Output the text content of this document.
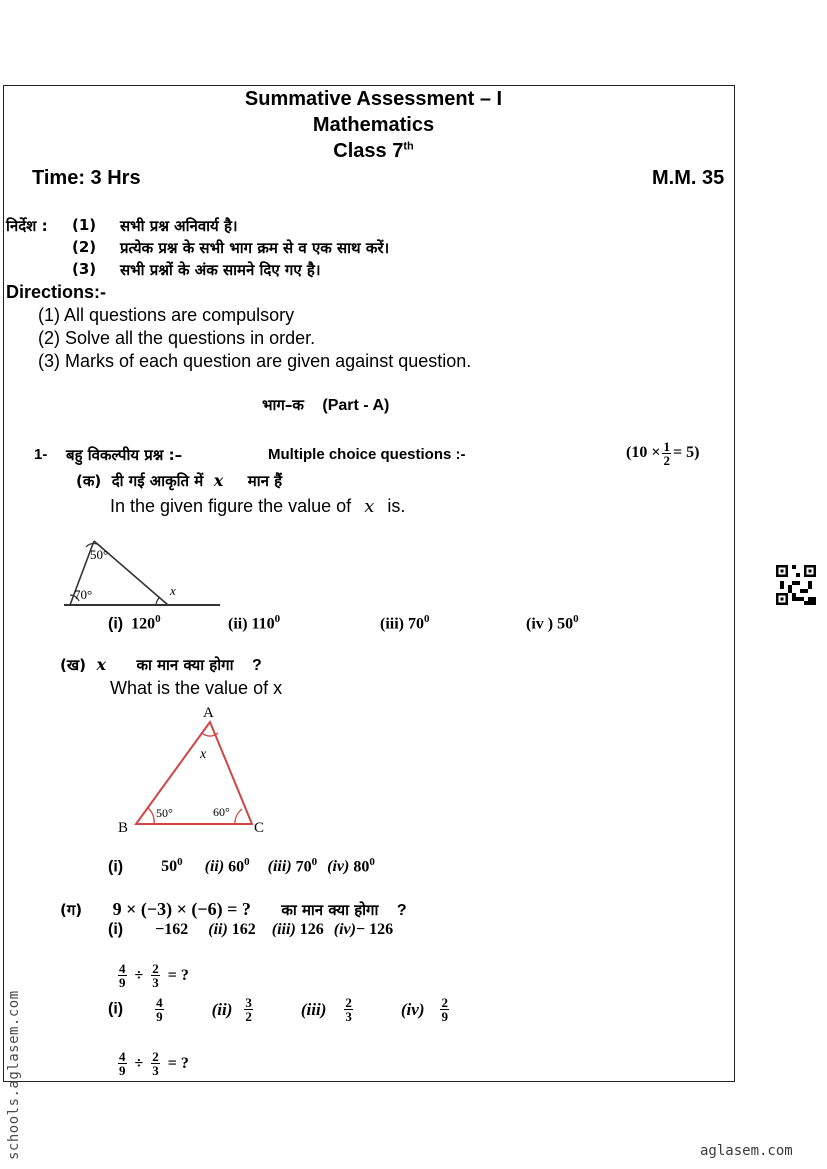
Summative Assessment – I
Mathematics
Class 7th
Time: 3 Hrs	M.M. 35
निर्देश : (1) सभी प्रश्न अनिवार्य है।
(2) प्रत्येक प्रश्न के सभी भाग क्रम से व एक साथ करें।
(3) सभी प्रश्नों के अंक सामने दिए गए है।
Directions:-
(1) All questions are compulsory
(2) Solve all the questions in order.
(3) Marks of each question are given against question.
भाग–क (Part - A)
1- बहु विकल्पीय प्रश्न :–	Multiple choice questions :-	$(10 \times \frac{1}{2} = 5)$
(क) दी गई आकृति में x मान हैं
In the given figure the value of x is.
50°
70°	x
(i) $120^0$	(ii) $110^0$	(iii) $70^0$	(iv ) $50^0$
(ख) x का मान क्या होगा ?
What is the value of x
A
B	C
x
50°	60°
(i) $50^0$ (ii) $60^0$ (iii) $70^0$ (iv) $80^0$
(ग) 9 × (−3) × (−6) = ? का मान क्या होगा ?
(i) −162 (ii) 162 (iii) 126 (iv)− 126
$\frac{4}{9} \div \frac{2}{3}$ = ?
$(i) \frac{4}{9}$	$(ii) \frac{3}{2}$	$(iii) \frac{2}{3}$	$(iv) \frac{2}{9}$
$\frac{4}{9} \div \frac{2}{3}$ = ?
schools.aglasem.com	aglasem.com
